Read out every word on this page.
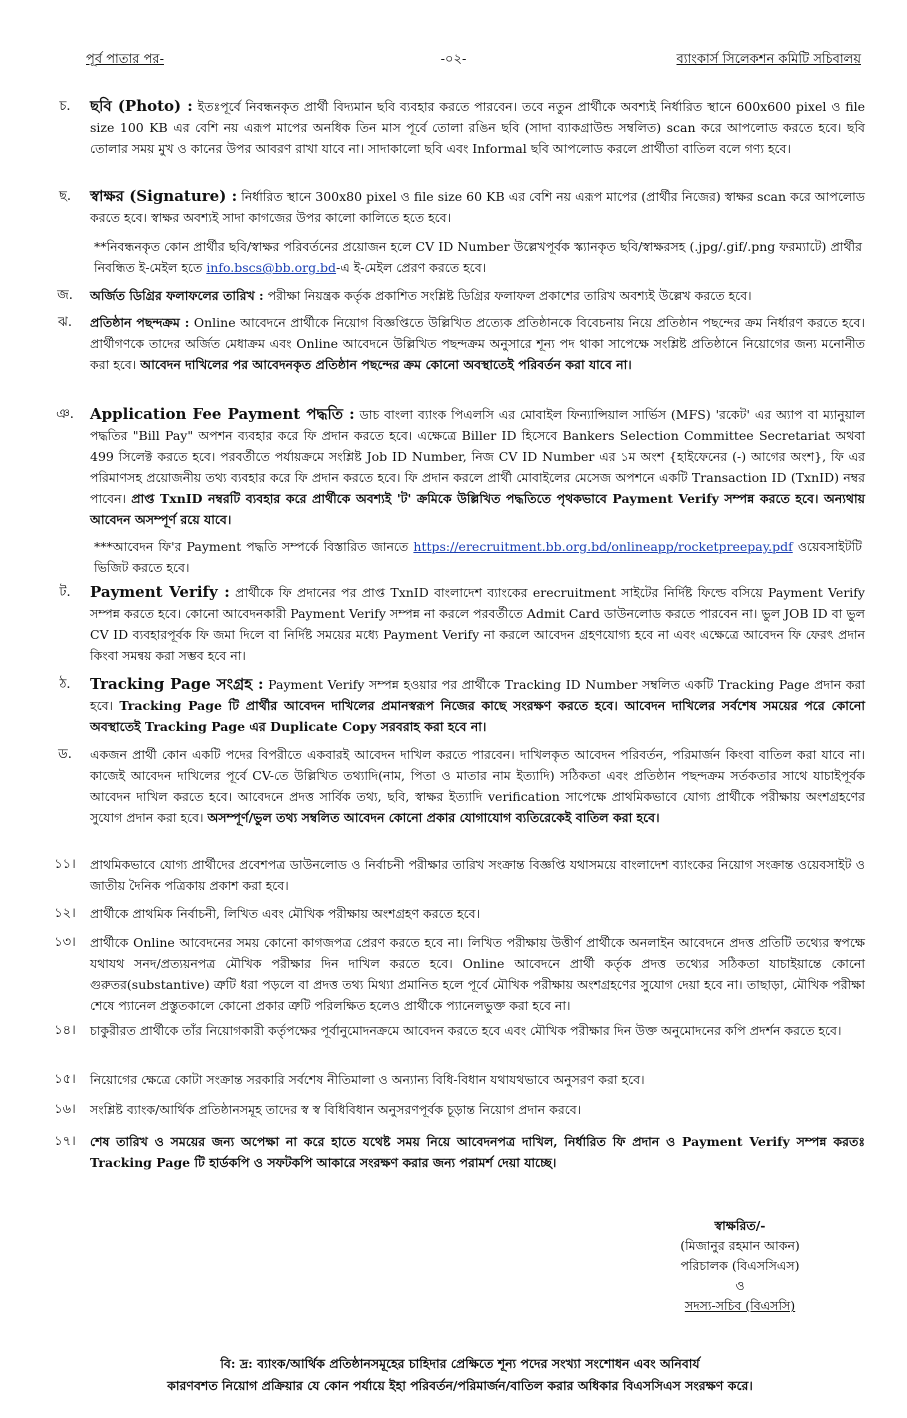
পূর্ব পাতার পর-	-০২-	ব্যাংকার্স সিলেকশন কমিটি সচিবালয়
চ.	ছবি (Photo) : ইতঃপূর্বে নিবন্ধনকৃত প্রার্থী বিদ্যমান ছবি ব্যবহার করতে পারবেন। তবে নতুন প্রার্থীকে অবশ্যই নির্ধারিত স্থানে 600x600 pixel ও file size 100 KB এর বেশি নয় এরূপ মাপের অনধিক তিন মাস পূর্বে তোলা রঙিন ছবি (সাদা ব্যাকগ্রাউন্ড সম্বলিত) scan করে আপলোড করতে হবে। ছবি তোলার সময় মুখ ও কানের উপর আবরণ রাখা যাবে না। সাদাকালো ছবি এবং Informal ছবি আপলোড করলে প্রার্থীতা বাতিল বলে গণ্য হবে।
ছ.	স্বাক্ষর (Signature) : নির্ধারিত স্থানে 300x80 pixel ও file size 60 KB এর বেশি নয় এরূপ মাপের (প্রার্থীর নিজের) স্বাক্ষর scan করে আপলোড করতে হবে। স্বাক্ষর অবশ্যই সাদা কাগজের উপর কালো কালিতে হতে হবে।
**নিবন্ধনকৃত কোন প্রার্থীর ছবি/স্বাক্ষর পরিবর্তনের প্রয়োজন হলে CV ID Number উল্লেখপূর্বক স্ক্যানকৃত ছবি/স্বাক্ষরসহ (.jpg/.gif/.png ফরম্যাটে) প্রার্থীর নিবন্ধিত ই-মেইল হতে info.bscs@bb.org.bd-এ ই-মেইল প্রেরণ করতে হবে।
জ.	অর্জিত ডিগ্রির ফলাফলের তারিখ : পরীক্ষা নিয়ন্ত্রক কর্তৃক প্রকাশিত সংশ্লিষ্ট ডিগ্রির ফলাফল প্রকাশের তারিখ অবশ্যই উল্লেখ করতে হবে।
ঝ.	প্রতিষ্ঠান পছন্দক্রম : Online আবেদনে প্রার্থীকে নিয়োগ বিজ্ঞপ্তিতে উল্লিখিত প্রত্যেক প্রতিষ্ঠানকে বিবেচনায় নিয়ে প্রতিষ্ঠান পছন্দের ক্রম নির্ধারণ করতে হবে। প্রার্থীগণকে তাদের অর্জিত মেধাক্রম এবং Online আবেদনে উল্লিখিত পছন্দক্রম অনুসারে শূন্য পদ থাকা সাপেক্ষে সংশ্লিষ্ট প্রতিষ্ঠানে নিয়োগের জন্য মনোনীত করা হবে। আবেদন দাখিলের পর আবেদনকৃত প্রতিষ্ঠান পছন্দের ক্রম কোনো অবস্থাতেই পরিবর্তন করা যাবে না।
ঞ.	Application Fee Payment পদ্ধতি : ডাচ বাংলা ব্যাংক পিএলসি এর মোবাইল ফিন্যান্সিয়াল সার্ভিস (MFS) 'রকেট' এর অ্যাপ বা ম্যানুয়াল পদ্ধতির "Bill Pay" অপশন ব্যবহার করে ফি প্রদান করতে হবে। এক্ষেত্রে Biller ID হিসেবে Bankers Selection Committee Secretariat অথবা 499 সিলেক্ট করতে হবে। পরবর্তীতে পর্যায়ক্রমে সংশ্লিষ্ট Job ID Number, নিজ CV ID Number এর ১ম অংশ {হাইফেনের (-) আগের অংশ}, ফি এর পরিমাণসহ প্রয়োজনীয় তথ্য ব্যবহার করে ফি প্রদান করতে হবে। ফি প্রদান করলে প্রার্থী মোবাইলের মেসেজ অপশনে একটি Transaction ID (TxnID) নম্বর পাবেন। প্রাপ্ত TxnID নম্বরটি ব্যবহার করে প্রার্থীকে অবশ্যই 'ট' ক্রমিকে উল্লিখিত পদ্ধতিতে পৃথকভাবে Payment Verify সম্পন্ন করতে হবে। অন্যথায় আবেদন অসম্পূর্ণ রয়ে যাবে।
***আবেদন ফি'র Payment পদ্ধতি সম্পর্কে বিস্তারিত জানতে https://erecruitment.bb.org.bd/onlineapp/rocketpreepay.pdf ওয়েবসাইটটি ভিজিট করতে হবে।
ট.	Payment Verify : প্রার্থীকে ফি প্রদানের পর প্রাপ্ত TxnID বাংলাদেশ ব্যাংকের erecruitment সাইটের নির্দিষ্ট ফিল্ডে বসিয়ে Payment Verify সম্পন্ন করতে হবে। কোনো আবেদনকারী Payment Verify সম্পন্ন না করলে পরবর্তীতে Admit Card ডাউনলোড করতে পারবেন না। ভুল JOB ID বা ভুল CV ID ব্যবহারপূর্বক ফি জমা দিলে বা নির্দিষ্ট সময়ের মধ্যে Payment Verify না করলে আবেদন গ্রহণযোগ্য হবে না এবং এক্ষেত্রে আবেদন ফি ফেরৎ প্রদান কিংবা সমন্বয় করা সম্ভব হবে না।
ঠ.	Tracking Page সংগ্রহ : Payment Verify সম্পন্ন হওয়ার পর প্রার্থীকে Tracking ID Number সম্বলিত একটি Tracking Page প্রদান করা হবে। Tracking Page টি প্রার্থীর আবেদন দাখিলের প্রমানস্বরূপ নিজের কাছে সংরক্ষণ করতে হবে। আবেদন দাখিলের সর্বশেষ সময়ের পরে কোনো অবস্থাতেই Tracking Page এর Duplicate Copy সরবরাহ করা হবে না।
ড.	একজন প্রার্থী কোন একটি পদের বিপরীতে একবারই আবেদন দাখিল করতে পারবেন। দাখিলকৃত আবেদন পরিবর্তন, পরিমার্জন কিংবা বাতিল করা যাবে না। কাজেই আবেদন দাখিলের পূর্বে CV-তে উল্লিখিত তথ্যাদি(নাম, পিতা ও মাতার নাম ইত্যাদি) সঠিকতা এবং প্রতিষ্ঠান পছন্দক্রম সর্তকতার সাথে যাচাইপূর্বক আবেদন দাখিল করতে হবে। আবেদনে প্রদত্ত সার্বিক তথ্য, ছবি, স্বাক্ষর ইত্যাদি verification সাপেক্ষে প্রাথমিকভাবে যোগ্য প্রার্থীকে পরীক্ষায় অংশগ্রহণের সুযোগ প্রদান করা হবে। অসম্পূর্ণ/ভুল তথ্য সম্বলিত আবেদন কোনো প্রকার যোগাযোগ ব্যতিরেকেই বাতিল করা হবে।
১১।	প্রাথমিকভাবে যোগ্য প্রার্থীদের প্রবেশপত্র ডাউনলোড ও নির্বাচনী পরীক্ষার তারিখ সংক্রান্ত বিজ্ঞপ্তি যথাসময়ে বাংলাদেশ ব্যাংকের নিয়োগ সংক্রান্ত ওয়েবসাইট ও জাতীয় দৈনিক পত্রিকায় প্রকাশ করা হবে।
১২।	প্রার্থীকে প্রাথমিক নির্বাচনী, লিখিত এবং মৌখিক পরীক্ষায় অংশগ্রহণ করতে হবে।
১৩।	প্রার্থীকে Online আবেদনের সময় কোনো কাগজপত্র প্রেরণ করতে হবে না। লিখিত পরীক্ষায় উত্তীর্ণ প্রার্থীকে অনলাইন আবেদনে প্রদত্ত প্রতিটি তথ্যের স্বপক্ষে যথাযথ সনদ/প্রত্যয়নপত্র মৌখিক পরীক্ষার দিন দাখিল করতে হবে। Online আবেদনে প্রার্থী কর্তৃক প্রদত্ত তথ্যের সঠিকতা যাচাইয়ান্তে কোনো গুরুতর(substantive) ত্রুটি ধরা পড়লে বা প্রদত্ত তথ্য মিথ্যা প্রমানিত হলে পূর্বে মৌখিক পরীক্ষায় অংশগ্রহণের সুযোগ দেয়া হবে না। তাছাড়া, মৌখিক পরীক্ষা শেষে প্যানেল প্রস্তুতকালে কোনো প্রকার ত্রুটি পরিলক্ষিত হলেও প্রার্থীকে প্যানেলভুক্ত করা হবে না।
১৪।	চাকুরীরত প্রার্থীকে তাঁর নিয়োগকারী কর্তৃপক্ষের পূর্বানুমোদনক্রমে আবেদন করতে হবে এবং মৌখিক পরীক্ষার দিন উক্ত অনুমোদনের কপি প্রদর্শন করতে হবে।
১৫।	নিয়োগের ক্ষেত্রে কোটা সংক্রান্ত সরকারি সর্বশেষ নীতিমালা ও অন্যান্য বিধি-বিধান যথাযথভাবে অনুসরণ করা হবে।
১৬।	সংশ্লিষ্ট ব্যাংক/আর্থিক প্রতিষ্ঠানসমূহ তাদের স্ব স্ব বিধিবিধান অনুসরণপূর্বক চূড়ান্ত নিয়োগ প্রদান করবে।
১৭।	শেষ তারিখ ও সময়ের জন্য অপেক্ষা না করে হাতে যথেষ্ট সময় নিয়ে আবেদনপত্র দাখিল, নির্ধারিত ফি প্রদান ও Payment Verify সম্পন্ন করতঃ Tracking Page টি হার্ডকপি ও সফটকপি আকারে সংরক্ষণ করার জন্য পরামর্শ দেয়া যাচ্ছে।
স্বাক্ষরিত/-
(মিজানুর রহমান আকন)
পরিচালক (বিএসসিএস)
ও
সদস্য-সচিব (বিএসসি)
বি: দ্র: ব্যাংক/আর্থিক প্রতিষ্ঠানসমূহের চাহিদার প্রেক্ষিতে শূন্য পদের সংখ্যা সংশোধন এবং অনিবার্য
কারণবশত নিয়োগ প্রক্রিয়ার যে কোন পর্যায়ে ইহা পরিবর্তন/পরিমার্জন/বাতিল করার অধিকার বিএসসিএস সংরক্ষণ করে।
